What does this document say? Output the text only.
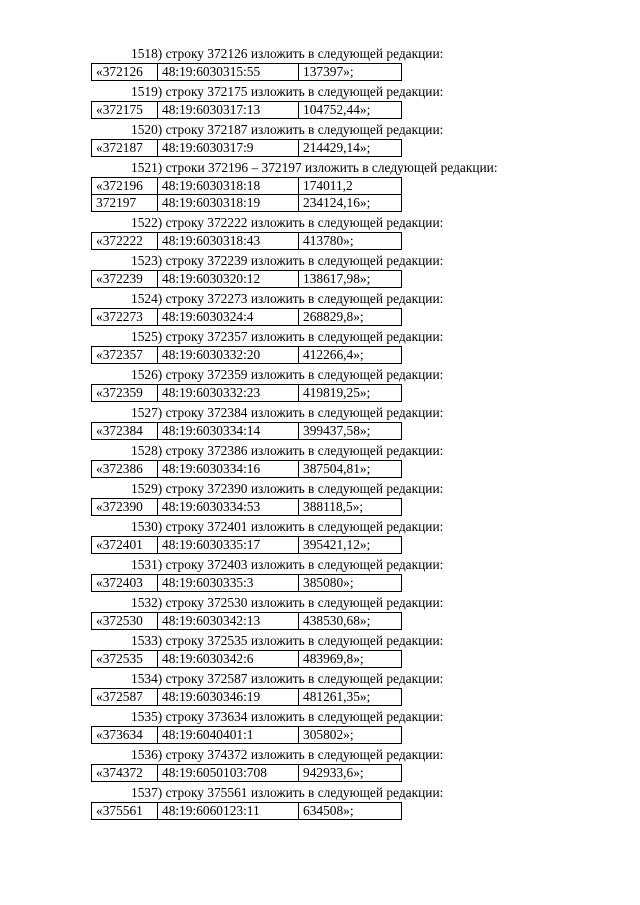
1518) строку 372126 изложить в следующей редакции:
«372126	48:19:6030315:55	137397»;
1519) строку 372175 изложить в следующей редакции:
«372175	48:19:6030317:13	104752,44»;
1520) строку 372187 изложить в следующей редакции:
«372187	48:19:6030317:9	214429,14»;
1521) строки 372196 – 372197 изложить в следующей редакции:
«372196	48:19:6030318:18	174011,2
372197	48:19:6030318:19	234124,16»;
1522) строку 372222 изложить в следующей редакции:
«372222	48:19:6030318:43	413780»;
1523) строку 372239 изложить в следующей редакции:
«372239	48:19:6030320:12	138617,98»;
1524) строку 372273 изложить в следующей редакции:
«372273	48:19:6030324:4	268829,8»;
1525) строку 372357 изложить в следующей редакции:
«372357	48:19:6030332:20	412266,4»;
1526) строку 372359 изложить в следующей редакции:
«372359	48:19:6030332:23	419819,25»;
1527) строку 372384 изложить в следующей редакции:
«372384	48:19:6030334:14	399437,58»;
1528) строку 372386 изложить в следующей редакции:
«372386	48:19:6030334:16	387504,81»;
1529) строку 372390 изложить в следующей редакции:
«372390	48:19:6030334:53	388118,5»;
1530) строку 372401 изложить в следующей редакции:
«372401	48:19:6030335:17	395421,12»;
1531) строку 372403 изложить в следующей редакции:
«372403	48:19:6030335:3	385080»;
1532) строку 372530 изложить в следующей редакции:
«372530	48:19:6030342:13	438530,68»;
1533) строку 372535 изложить в следующей редакции:
«372535	48:19:6030342:6	483969,8»;
1534) строку 372587 изложить в следующей редакции:
«372587	48:19:6030346:19	481261,35»;
1535) строку 373634 изложить в следующей редакции:
«373634	48:19:6040401:1	305802»;
1536) строку 374372 изложить в следующей редакции:
«374372	48:19:6050103:708	942933,6»;
1537) строку 375561 изложить в следующей редакции:
«375561	48:19:6060123:11	634508»;
